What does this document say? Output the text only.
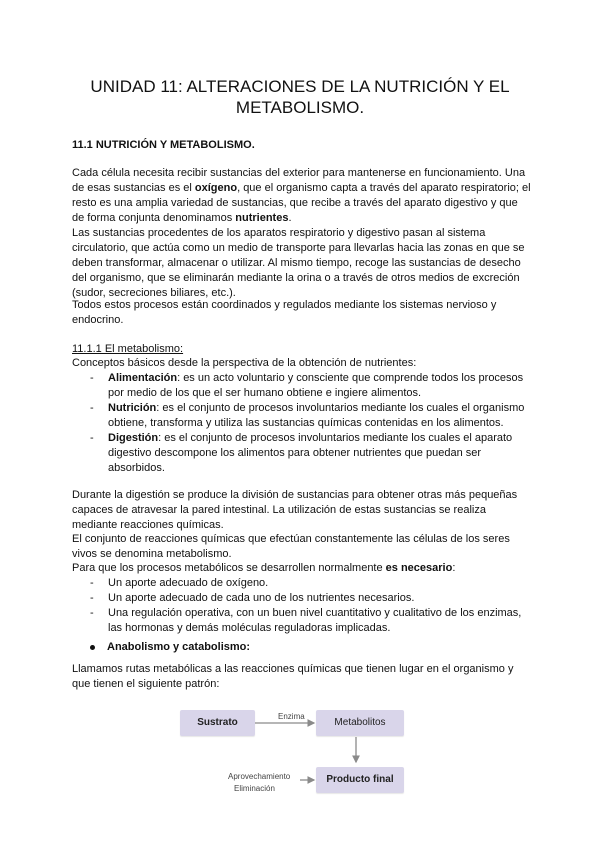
UNIDAD 11: ALTERACIONES DE LA NUTRICIÓN Y EL METABOLISMO.
11.1 NUTRICIÓN Y METABOLISMO.

Cada célula necesita recibir sustancias del exterior para mantenerse en funcionamiento. Una de esas sustancias es el oxígeno, que el organismo capta a través del aparato respiratorio; el resto es una amplia variedad de sustancias, que recibe a través del aparato digestivo y que de forma conjunta denominamos nutrientes.

Las sustancias procedentes de los aparatos respiratorio y digestivo pasan al sistema circulatorio, que actúa como un medio de transporte para llevarlas hacia las zonas en que se deben transformar, almacenar o utilizar. Al mismo tiempo, recoge las sustancias de desecho del organismo, que se eliminarán mediante la orina o a través de otros medios de excreción (sudor, secreciones biliares, etc.).

Todos estos procesos están coordinados y regulados mediante los sistemas nervioso y endocrino.

11.1.1 El metabolismo:

Conceptos básicos desde la perspectiva de la obtención de nutrientes:

- Alimentación: es un acto voluntario y consciente que comprende todos los procesos por medio de los que el ser humano obtiene e ingiere alimentos.
- Nutrición: es el conjunto de procesos involuntarios mediante los cuales el organismo obtiene, transforma y utiliza las sustancias químicas contenidas en los alimentos.
- Digestión: es el conjunto de procesos involuntarios mediante los cuales el aparato digestivo descompone los alimentos para obtener nutrientes que puedan ser absorbidos.

Durante la digestión se produce la división de sustancias para obtener otras más pequeñas capaces de atravesar la pared intestinal. La utilización de estas sustancias se realiza mediante reacciones químicas.

El conjunto de reacciones químicas que efectúan constantemente las células de los seres vivos se denomina metabolismo.

Para que los procesos metabólicos se desarrollen normalmente es necesario:

- Un aporte adecuado de oxígeno.
- Un aporte adecuado de cada uno de los nutrientes necesarios.
- Una regulación operativa, con un buen nivel cuantitativo y cualitativo de los enzimas, las hormonas y demás moléculas reguladoras implicadas.
Anabolismo y catabolismo:

Llamamos rutas metabólicas a las reacciones químicas que tienen lugar en el organismo y que tienen el siguiente patrón:

Sustrato
Enzima
Metabolitos
Aprovechamiento
Eliminación
Producto final
